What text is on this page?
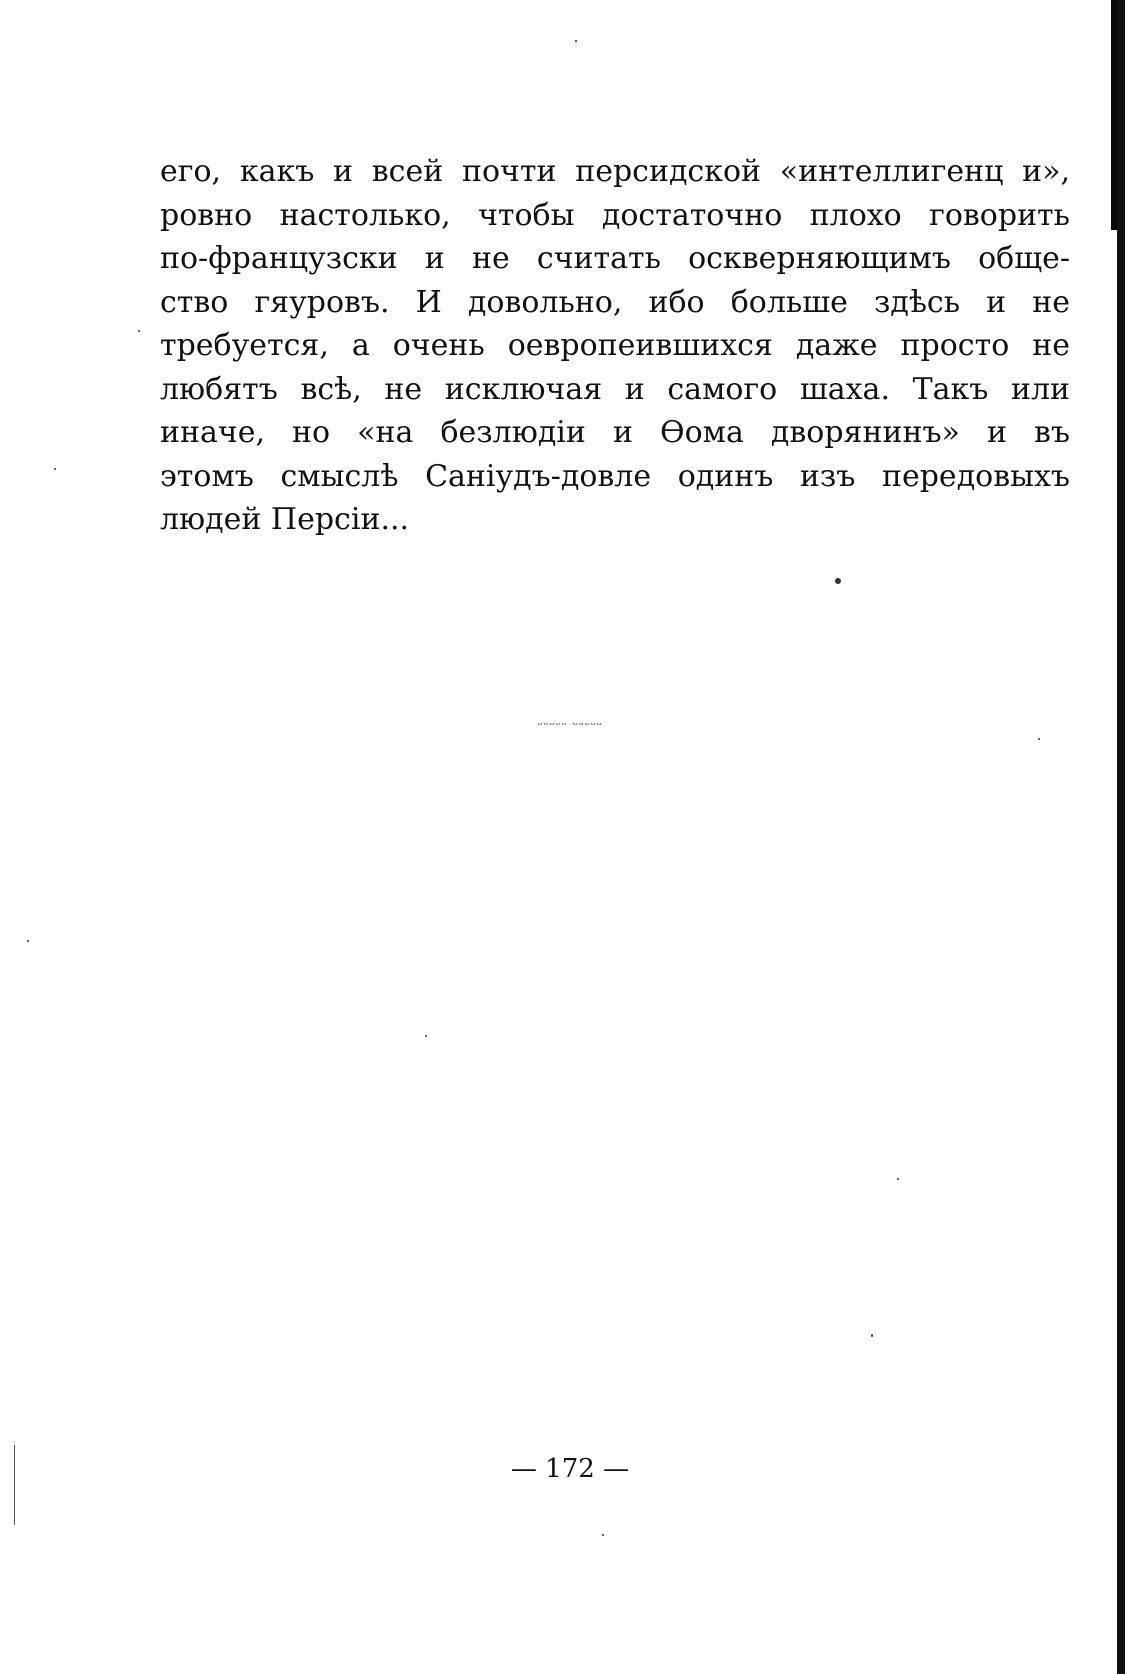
его, какъ и всей почти персидской «интеллигенц и»,
ровно настолько, чтобы достаточно плохо говорить
по-французски и не считать оскверняющимъ обще-
ство гяуровъ. И довольно, ибо больше здѣсь и не
требуется, а очень оевропеившихся даже просто не
любятъ всѣ, не исключая и самого шаха. Такъ или
иначе, но «на безлюдіи и Ѳома дворянинъ» и въ
этомъ смыслѣ Саніудъ-довле одинъ изъ передовыхъ
людей Персіи...
ᵕᵕᵕᵕᵕ ᵕᵕᵕᵕᵕ
— 172 —
